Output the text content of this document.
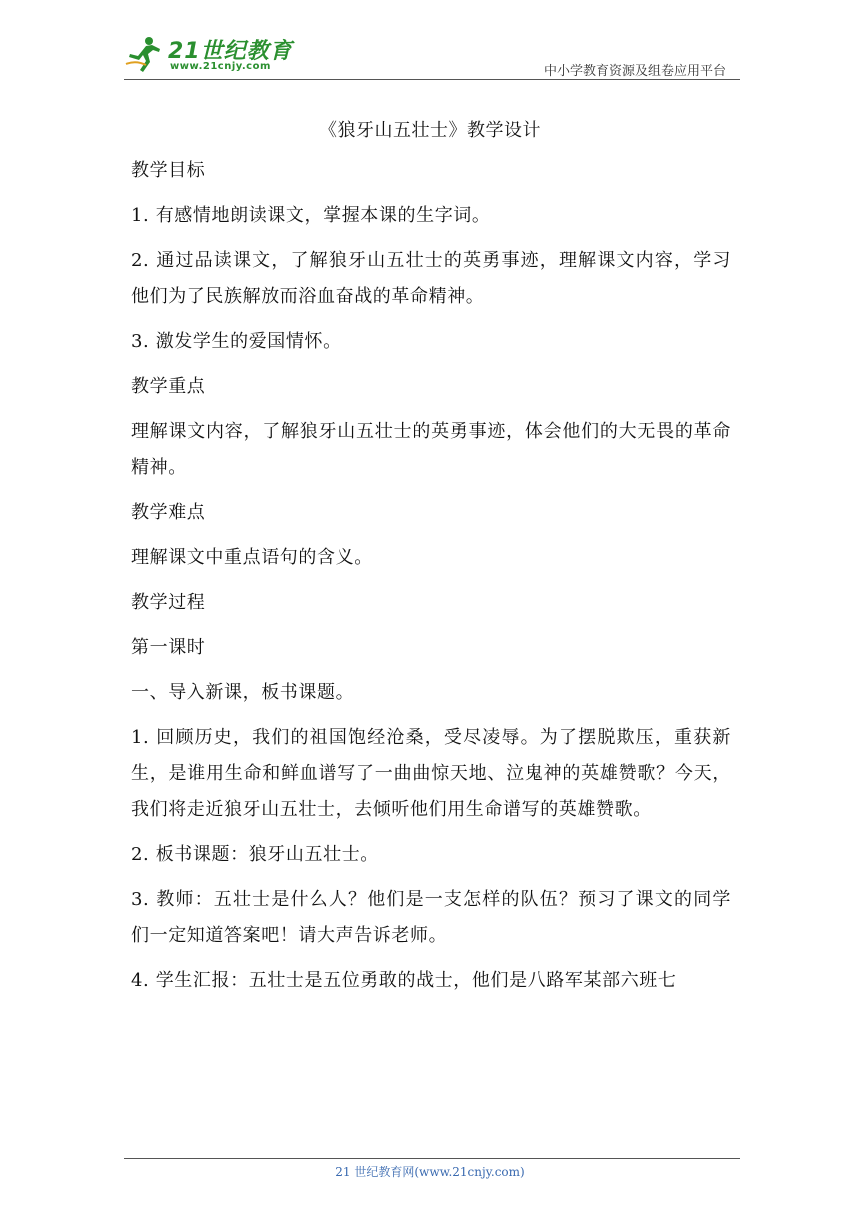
21世纪教育
www.21cnjy.com	中小学教育资源及组卷应用平台
《狼牙山五壮士》教学设计

教学目标

1. 有感情地朗读课文，掌握本课的生字词。

2. 通过品读课文，了解狼牙山五壮士的英勇事迹，理解课文内容，学习他们为了民族解放而浴血奋战的革命精神。

3. 激发学生的爱国情怀。

教学重点

理解课文内容，了解狼牙山五壮士的英勇事迹，体会他们的大无畏的革命精神。

教学难点

理解课文中重点语句的含义。

教学过程

第一课时

一、导入新课，板书课题。

1. 回顾历史，我们的祖国饱经沧桑，受尽凌辱。为了摆脱欺压，重获新生，是谁用生命和鲜血谱写了一曲曲惊天地、泣鬼神的英雄赞歌？今天，我们将走近狼牙山五壮士，去倾听他们用生命谱写的英雄赞歌。

2. 板书课题：狼牙山五壮士。

3. 教师：五壮士是什么人？他们是一支怎样的队伍？预习了课文的同学们一定知道答案吧！请大声告诉老师。

4. 学生汇报：五壮士是五位勇敢的战士，他们是八路军某部六班七

21 世纪教育网(www.21cnjy.com)
